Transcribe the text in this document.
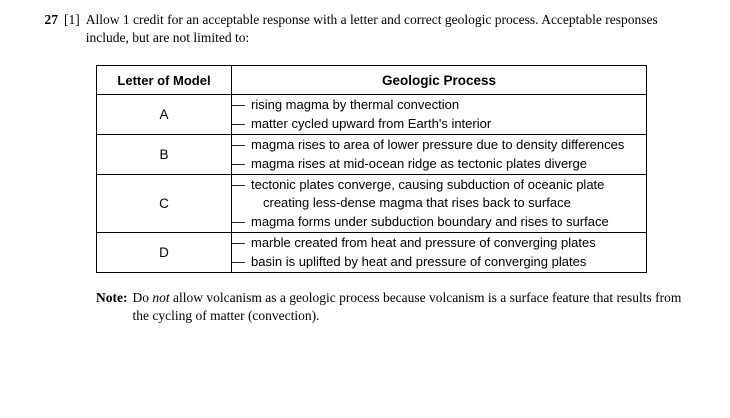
27 [1] Allow 1 credit for an acceptable response with a letter and correct geologic process. Acceptable responses include, but are not limited to:
Letter of Model	Geologic Process
A	— rising magma by thermal convection
— matter cycled upward from Earth's interior

B	— magma rises to area of lower pressure due to density differences
— magma rises at mid-ocean ridge as tectonic plates diverge

C	— tectonic plates converge, causing subduction of oceanic plate
creating less-dense magma that rises back to surface
— magma forms under subduction boundary and rises to surface

D	— marble created from heat and pressure of converging plates
— basin is uplifted by heat and pressure of converging plates
Note: Do not allow volcanism as a geologic process because volcanism is a surface feature that results from the cycling of matter (convection).
